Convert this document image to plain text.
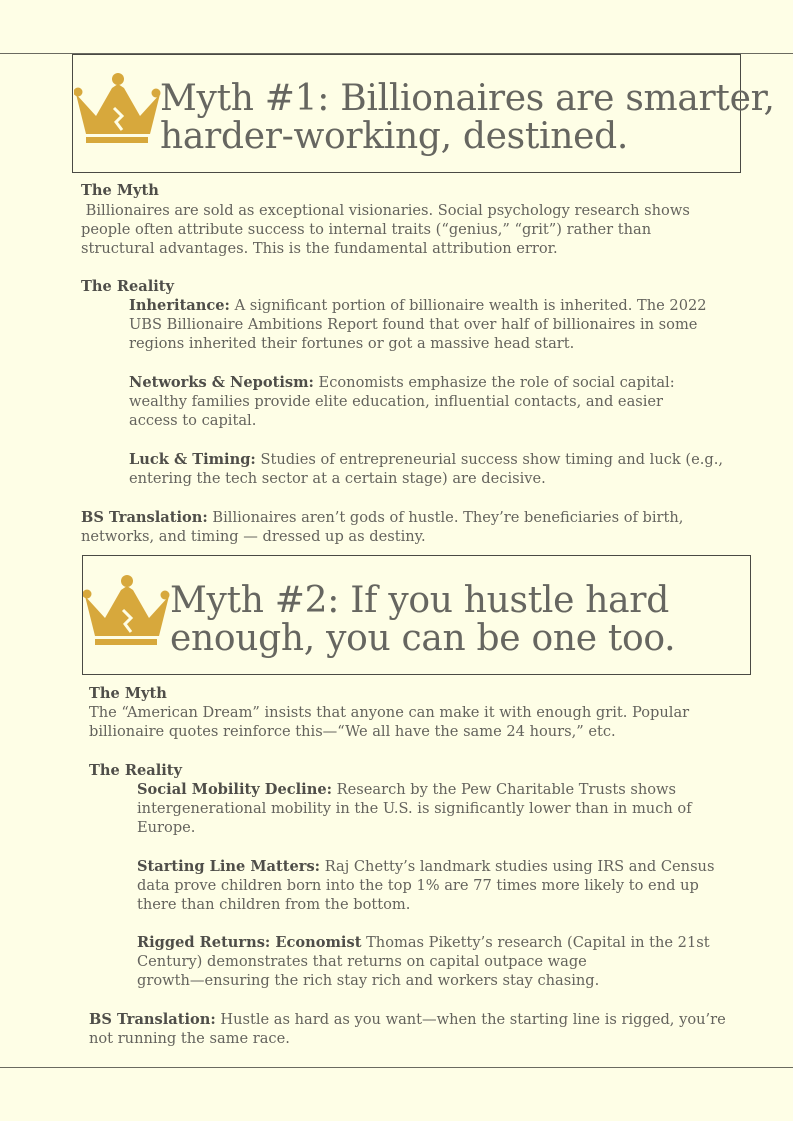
Myth #1: Billionaires are smarter,
harder-working, destined.
The Myth
Billionaires are sold as exceptional visionaries. Social psychology research shows
people often attribute success to internal traits (“genius,” “grit”) rather than
structural advantages. This is the fundamental attribution error.
The Reality
Inheritance: A significant portion of billionaire wealth is inherited. The 2022
UBS Billionaire Ambitions Report found that over half of billionaires in some
regions inherited their fortunes or got a massive head start.
Networks & Nepotism: Economists emphasize the role of social capital:
wealthy families provide elite education, influential contacts, and easier
access to capital.
Luck & Timing: Studies of entrepreneurial success show timing and luck (e.g.,
entering the tech sector at a certain stage) are decisive.
BS Translation: Billionaires aren’t gods of hustle. They’re beneficiaries of birth,
networks, and timing — dressed up as destiny.
Myth #2: If you hustle hard
enough, you can be one too.
The Myth
The “American Dream” insists that anyone can make it with enough grit. Popular
billionaire quotes reinforce this—“We all have the same 24 hours,” etc.
The Reality
Social Mobility Decline: Research by the Pew Charitable Trusts shows
intergenerational mobility in the U.S. is significantly lower than in much of
Europe.
Starting Line Matters: Raj Chetty’s landmark studies using IRS and Census
data prove children born into the top 1% are 77 times more likely to end up
there than children from the bottom.
Rigged Returns: Economist Thomas Piketty’s research (Capital in the 21st
Century) demonstrates that returns on capital outpace wage
growth—ensuring the rich stay rich and workers stay chasing.
BS Translation: Hustle as hard as you want—when the starting line is rigged, you’re
not running the same race.
